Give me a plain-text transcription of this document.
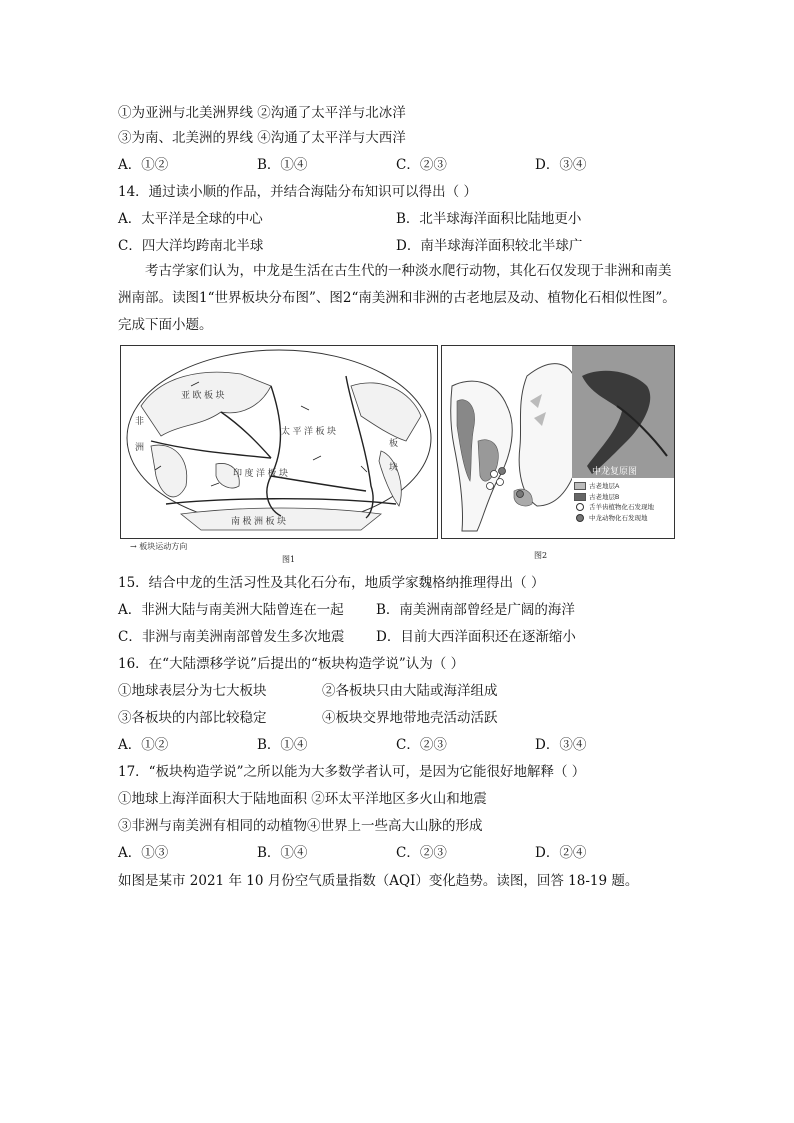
①为亚洲与北美洲界线 ②沟通了太平洋与北冰洋
③为南、北美洲的界线 ④沟通了太平洋与大西洋
A．①②	B．①④	C．②③	D．③④
14．通过读小顺的作品，并结合海陆分布知识可以得出（ ）
A．太平洋是全球的中心	B．北半球海洋面积比陆地更小
C．四大洋均跨南北半球	D．南半球海洋面积较北半球广
考古学家们认为，中龙是生活在古生代的一种淡水爬行动物，其化石仅发现于非洲和南美洲南部。读图1“世界板块分布图”、图2“南美洲和非洲的古老地层及动、植物化石相似性图”。完成下面小题。
亚 欧 板 块
太 平 洋 板 块
印 度 洋 板 块
南 极 洲 板 块
非
洲	板
块
→ 板块运动方向
图1
中龙复原图
古老地层A
古老地层B
舌羊齿植物化石发现地
中龙动物化石发现地
图2
15．结合中龙的生活习性及其化石分布，地质学家魏格纳推理得出（ ）
A．非洲大陆与南美洲大陆曾连在一起 B．南美洲南部曾经是广阔的海洋
C．非洲与南美洲南部曾发生多次地震 D．目前大西洋面积还在逐渐缩小
16．在“大陆漂移学说”后提出的“板块构造学说”认为（ ）
①地球表层分为七大板块	②各板块只由大陆或海洋组成
③各板块的内部比较稳定	④板块交界地带地壳活动活跃
A．①②	B．①④	C．②③	D．③④
17．“板块构造学说”之所以能为大多数学者认可，是因为它能很好地解释（ ）
①地球上海洋面积大于陆地面积 ②环太平洋地区多火山和地震
③非洲与南美洲有相同的动植物④世界上一些高大山脉的形成
A．①③	B．①④	C．②③	D．②④
如图是某市 2021 年 10 月份空气质量指数（AQI）变化趋势。读图，回答 18-19 题。
